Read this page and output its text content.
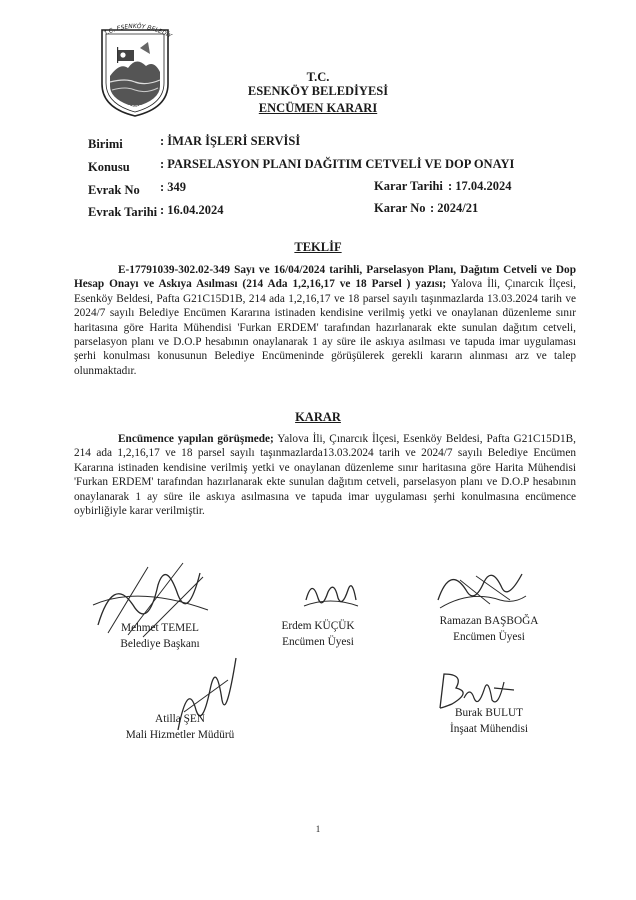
1992
T.C. ESENKÖY BELEDİY
T.C.
ESENKÖY BELEDİYESİ
ENCÜMEN KARARI
Birimi	: İMAR İŞLERİ SERVİSİ
Konusu : PARSELASYON PLANI DAĞITIM CETVELİ VE DOP ONAYI
Evrak No : 349	Karar Tarihi : 17.04.2024
Evrak Tarihi : 16.04.2024	Karar No : 2024/21
TEKLİF
E-17791039-302.02-349 Sayı ve 16/04/2024 tarihli, Parselasyon Planı, Dağıtım Cetveli ve Dop Hesap Onayı ve Askıya Asılması (214 Ada 1,2,16,17 ve 18 Parsel ) yazısı; Yalova İli, Çınarcık İlçesi, Esenköy Beldesi, Pafta G21C15D1B, 214 ada 1,2,16,17 ve 18 parsel sayılı taşınmazlarda 13.03.2024 tarih ve 2024/7 sayılı Belediye Encümen Kararına istinaden kendisine verilmiş yetki ve onaylanan düzenleme sınır haritasına göre Harita Mühendisi 'Furkan ERDEM' tarafından hazırlanarak ekte sunulan dağıtım cetveli, parselasyon planı ve D.O.P hesabının onaylanarak 1 ay süre ile askıya asılması ve tapuda imar uygulaması şerhi konulması konusunun Belediye Encümeninde görüşülerek gerekli kararın alınması arz ve talep olunmaktadır.
KARAR
Encümence yapılan görüşmede; Yalova İli, Çınarcık İlçesi, Esenköy Beldesi, Pafta G21C15D1B, 214 ada 1,2,16,17 ve 18 parsel sayılı taşınmazlarda13.03.2024 tarih ve 2024/7 sayılı Belediye Encümen Kararına istinaden kendisine verilmiş yetki ve onaylanan düzenleme sınır haritasına göre Harita Mühendisi 'Furkan ERDEM' tarafından hazırlanarak ekte sunulan dağıtım cetveli, parselasyon planı ve D.O.P hesabının onaylanarak 1 ay süre ile askıya asılmasına ve tapuda imar uygulaması şerhi konulmasına encümence oybirliğiyle karar verilmiştir.
Mehmet TEMEL
Belediye Başkanı
Erdem KÜÇÜK
Encümen Üyesi
Ramazan BAŞBOĞA
Encümen Üyesi
Atilla ŞEN
Mali Hizmetler Müdürü
Burak BULUT
İnşaat Mühendisi
1
